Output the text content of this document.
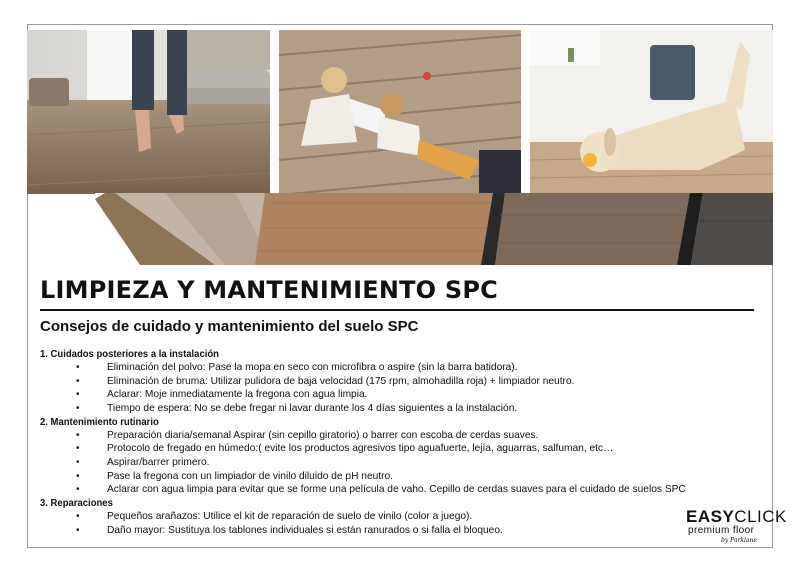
LIMPIEZA Y MANTENIMIENTO SPC
Consejos de cuidado y mantenimiento del suelo SPC
1. Cuidados posteriores a la instalación
•	Eliminación del polvo: Pase la mopa en seco con microfibra o aspire (sin la barra batidora).
•	Eliminación de bruma: Utilizar pulidora de baja velocidad (175 rpm, almohadilla roja) + limpiador neutro.
•	Aclarar: Moje inmediatamente la fregona con agua limpia.
•	Tiempo de espera: No se debe fregar ni lavar durante los 4 días siguientes a la instalación.
2. Mantenimiento rutinario
•	Preparación diaria/semanal Aspirar (sin cepillo giratorio) o barrer con escoba de cerdas suaves.
•	Protocolo de fregado en húmedo:( evite los productos agresivos tipo aguafuerte, lejía, aguarras, salfuman, etc…
•	Aspirar/barrer primero.
•	Pase la fregona con un limpiador de vinilo diluido de pH neutro.
•	Aclarar con agua limpia para evitar que se forme una película de vaho. Cepillo de cerdas suaves para el cuidado de suelos SPC
3. Reparaciones
•	Pequeños arañazos: Utilice el kit de reparación de suelo de vinilo (color a juego).
•	Daño mayor: Sustituya los tablones individuales si están ranurados o si falla el bloqueo.
EASYCLICK
premium floor
by Parklane
